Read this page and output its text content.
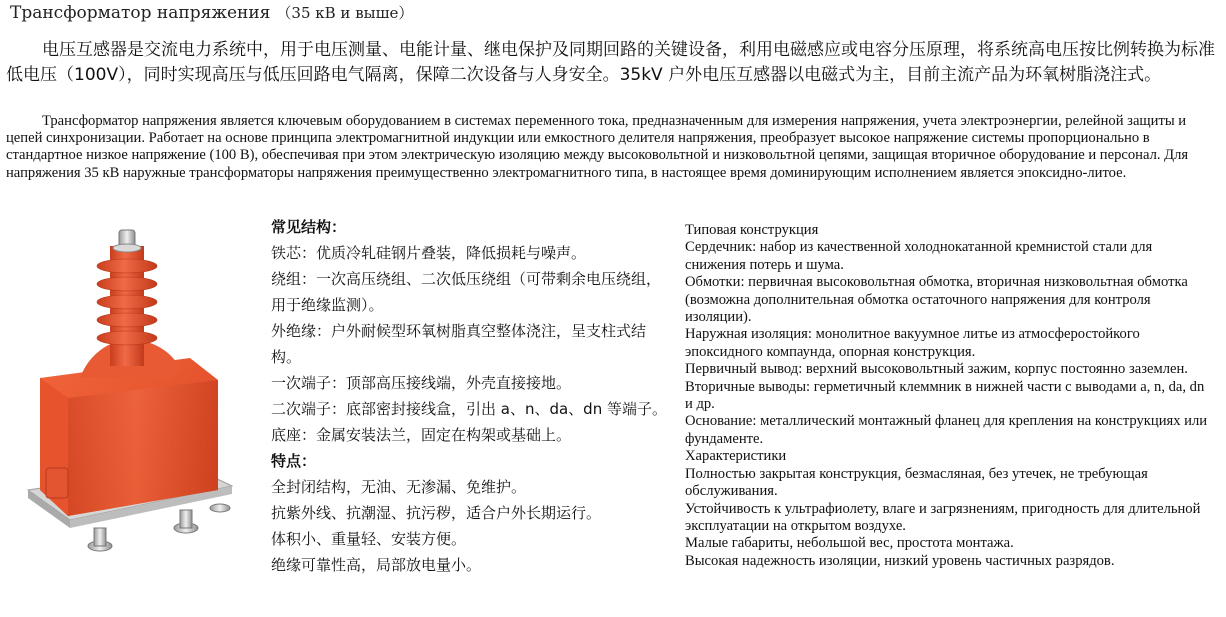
Трансформатор напряжения （35 кВ и выше）

电压互感器是交流电力系统中，用于电压测量、电能计量、继电保护及同期回路的关键设备，利用电磁感应或电容分压原理，将系统高电压按比例转换为标准低电压（100V），同时实现高压与低压回路电气隔离，保障二次设备与人身安全。35kV 户外电压互感器以电磁式为主，目前主流产品为环氧树脂浇注式。

Трансформатор напряжения является ключевым оборудованием в системах переменного тока, предназначенным для измерения напряжения, учета электроэнергии, релейной защиты и цепей синхронизации. Работает на основе принципа электромагнитной индукции или емкостного делителя напряжения, преобразует высокое напряжение системы пропорционально в стандартное низкое напряжение (100 В), обеспечивая при этом электрическую изоляцию между высоковольтной и низковольтной цепями, защищая вторичное оборудование и персонал. Для напряжения 35 кВ наружные трансформаторы напряжения преимущественно электромагнитного типа, в настоящее время доминирующим исполнением является эпоксидно-литое.

常见结构：

铁芯：优质冷轧硅钢片叠装，降低损耗与噪声。

绕组：一次高压绕组、二次低压绕组（可带剩余电压绕组，用于绝缘监测）。

外绝缘：户外耐候型环氧树脂真空整体浇注，呈支柱式结构。

一次端子：顶部高压接线端，外壳直接接地。

二次端子：底部密封接线盒，引出 a、n、da、dn 等端子。

底座：金属安装法兰，固定在构架或基础上。

特点：

全封闭结构，无油、无渗漏、免维护。

抗紫外线、抗潮湿、抗污秽，适合户外长期运行。

体积小、重量轻、安装方便。

绝缘可靠性高，局部放电量小。

Типовая конструкция

Сердечник: набор из качественной холоднокатанной кремнистой стали для снижения потерь и шума.

Обмотки: первичная высоковольтная обмотка, вторичная низковольтная обмотка (возможна дополнительная обмотка остаточного напряжения для контроля изоляции).

Наружная изоляция: монолитное вакуумное литье из атмосферостойкого эпоксидного компаунда, опорная конструкция.

Первичный вывод: верхний высоковольтный зажим, корпус постоянно заземлен.

Вторичные выводы: герметичный клеммник в нижней части с выводами a, n, da, dn и др.

Основание: металлический монтажный фланец для крепления на конструкциях или фундаменте.

Характеристики

Полностью закрытая конструкция, безмасляная, без утечек, не требующая обслуживания.

Устойчивость к ультрафиолету, влаге и загрязнениям, пригодность для длительной эксплуатации на открытом воздухе.

Малые габариты, небольшой вес, простота монтажа.

Высокая надежность изоляции, низкий уровень частичных разрядов.
